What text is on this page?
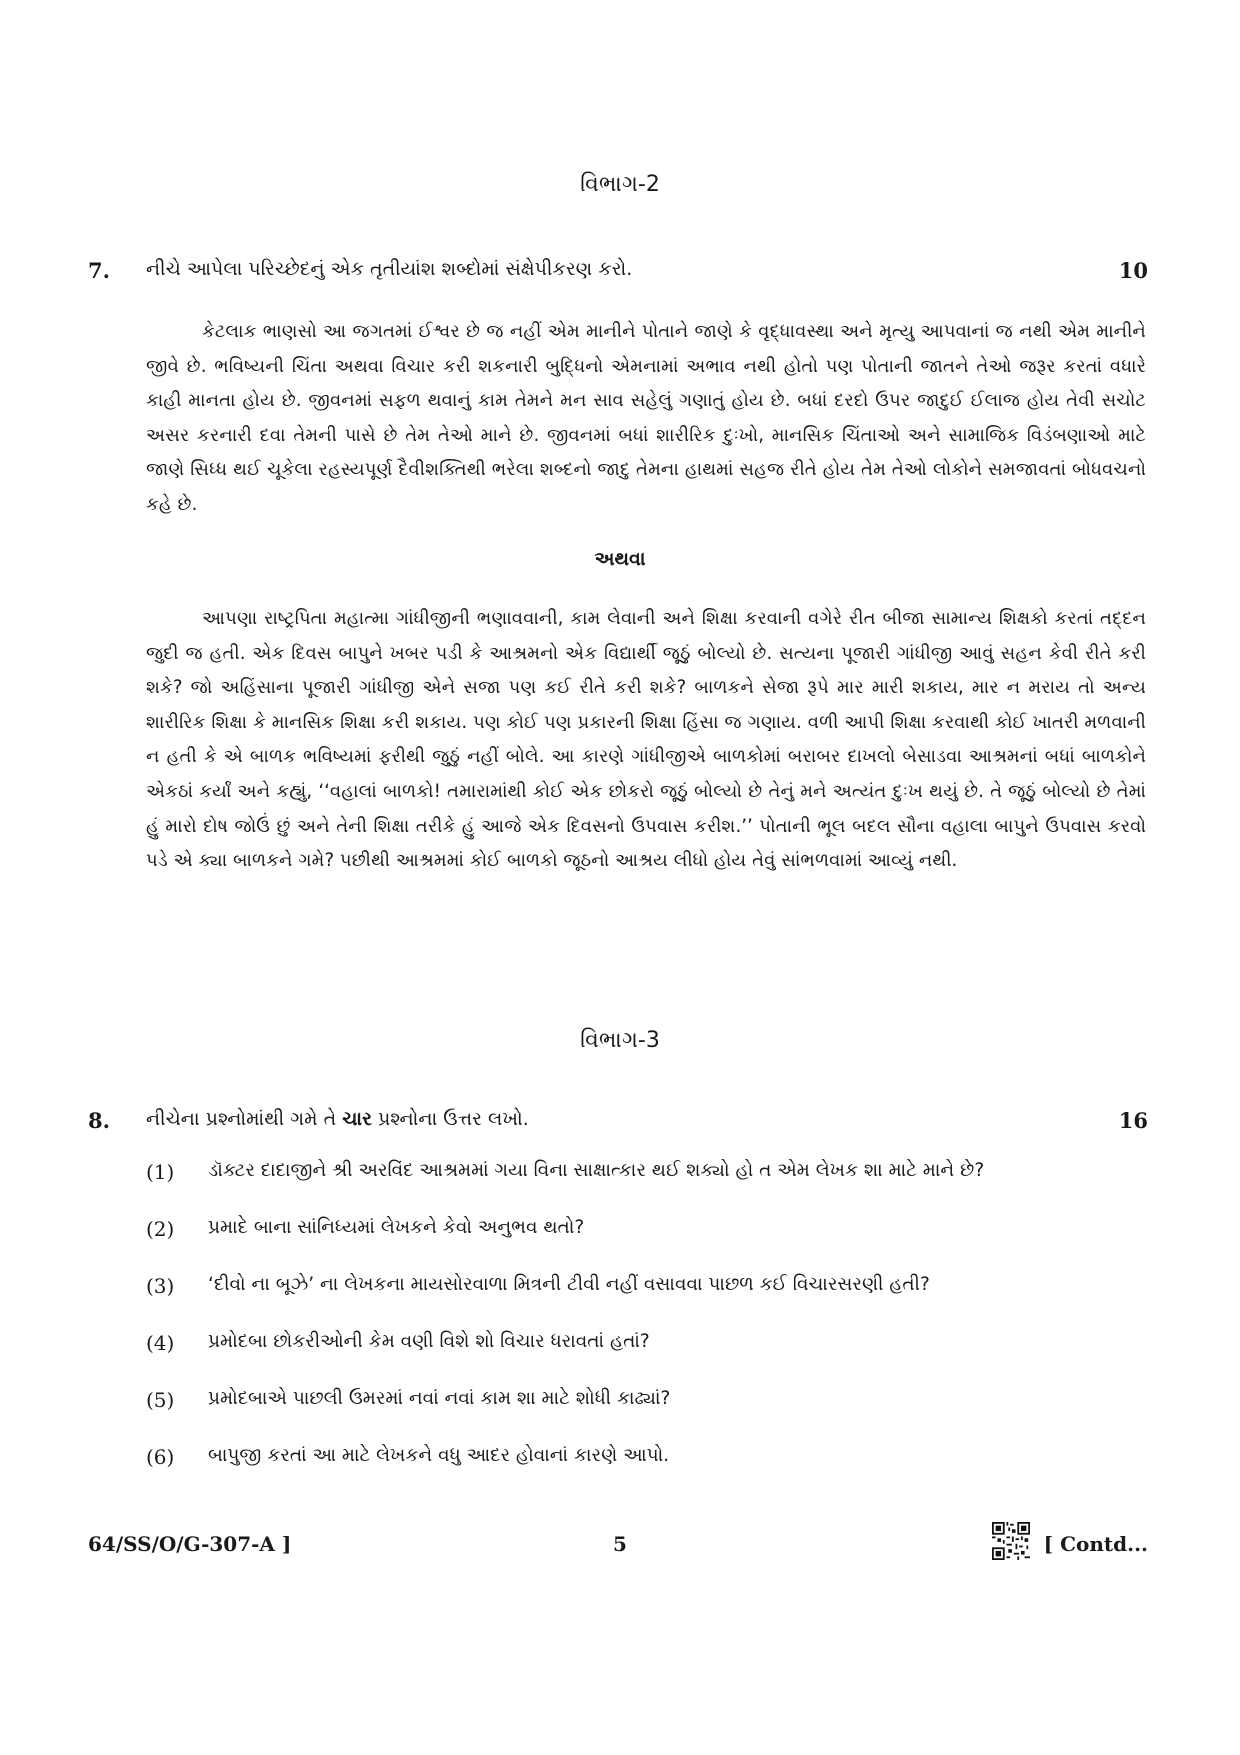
વિભાગ-2
7. નીચે આપેલા પરિચ્છેદનું એક તૃતીયાંશ શબ્દોમાં સંક્ષેપીકરણ કરો.	10

કેટલાક ભાણસો આ જગતમાં ઈશ્વર છે જ નહીં એમ માનીને પોતાને જાણે કે વૃદ્ધાવસ્થા અને મૃત્યુ આપવાનાં જ નથી એમ માનીને જીવે છે. ભવિષ્યની ચિંતા અથવા વિચાર કરી શકનારી બુદ્ધિનો એમનામાં અભાવ નથી હોતો પણ પોતાની જાતને તેઓ જરૂર કરતાં વધારે કાહી માનતા હોય છે. જીવનમાં સફળ થવાનું કામ તેમને મન સાવ સહેલું ગણાતું હોય છે. બધાં દરદો ઉપર જાદુઈ ઈલાજ હોય તેવી સચોટ અસર કરનારી દવા તેમની પાસે છે તેમ તેઓ માને છે. જીવનમાં બધાં શારીરિક દુઃખો, માનસિક ચિંતાઓ અને સામાજિક વિડંબણાઓ માટે જાણે સિધ્ધ થઈ ચૂકેલા રહસ્યપૂર્ણ દૈવીશક્તિથી ભરેલા શબ્દનો જાદુ તેમના હાથમાં સહજ રીતે હોય તેમ તેઓ લોકોને સમજાવતાં બોધવચનો કહે છે.

અથવા

આપણા રાષ્ટ્રપિતા મહાત્મા ગાંધીજીની ભણાવવાની, કામ લેવાની અને શિક્ષા કરવાની વગેરે રીત બીજા સામાન્ય શિક્ષકો કરતાં તદ્દન જુદી જ હતી. એક દિવસ બાપુને ખબર પડી કે આશ્રમનો એક વિદ્યાર્થી જૂઠું બોલ્યો છે. સત્યના પૂજારી ગાંધીજી આવું સહન કેવી રીતે કરી શકે? જો અહિંસાના પૂજારી ગાંધીજી એને સજા પણ કઈ રીતે કરી શકે? બાળકને સેજા રૂપે માર મારી શકાય, માર ન મરાય તો અન્ય શારીરિક શિક્ષા કે માનસિક શિક્ષા કરી શકાય. પણ કોઈ પણ પ્રકારની શિક્ષા હિંસા જ ગણાય. વળી આપી શિક્ષા કરવાથી કોઈ ખાતરી મળવાની ન હતી કે એ બાળક ભવિષ્યમાં ફરીથી જુઠું નહીં બોલે. આ કારણે ગાંધીજીએ બાળકોમાં બરાબર દાખલો બેસાડવા આશ્રમનાં બધાં બાળકોને એકઠાં કર્યાં અને કહ્યું, ‘‘વહાલાં બાળકો! તમારામાંથી કોઈ એક છોકરો જૂઠું બોલ્યો છે તેનું મને અત્યંત દુઃખ થયું છે. તે જૂઠું બોલ્યો છે તેમાં હું મારો દોષ જોઉં છું અને તેની શિક્ષા તરીકે હું આજે એક દિવસનો ઉપવાસ કરીશ.’’ પોતાની ભૂલ બદલ સૌના વહાલા બાપુને ઉપવાસ કરવો પડે એ ક્યા બાળકને ગમે? પછીથી આશ્રમમાં કોઈ બાળકો જૂઠનો આશ્રય લીધો હોય તેવું સાંભળવામાં આવ્યું નથી.

વિભાગ-3
8. નીચેના પ્રશ્નોમાંથી ગમે તે ચાર પ્રશ્નોના ઉત્તર લખો.	16
(1)	ડૉક્ટર દાદાજીને શ્રી અરવિંદ આશ્રમમાં ગયા વિના સાક્ષાત્કાર થઈ શક્યો હો ત એમ લેખક શા માટે માને છે?
(2)	પ્રમાદે બાના સાંનિધ્યમાં લેખકને કેવો અનુભવ થતો?
(3)	‘દીવો ના બૂઝે’ ના લેખકના માયસોરવાળા મિત્રની ટીવી નહીં વસાવવા પાછળ કઈ વિચારસરણી હતી?
(4)	પ્રમોદબા છોકરીઓની કેમ વણી વિશે શો વિચાર ધરાવતાં હતાં?
(5)	પ્રમોદબાએ પાછલી ઉમરમાં નવાં નવાં કામ શા માટે શોધી કાઢ્યાં?
(6)	બાપુજી કરતાં આ માટે લેખકને વધુ આદર હોવાનાં કારણે આપો.
64/SS/O/G-307-A ]	5	[ Contd...
